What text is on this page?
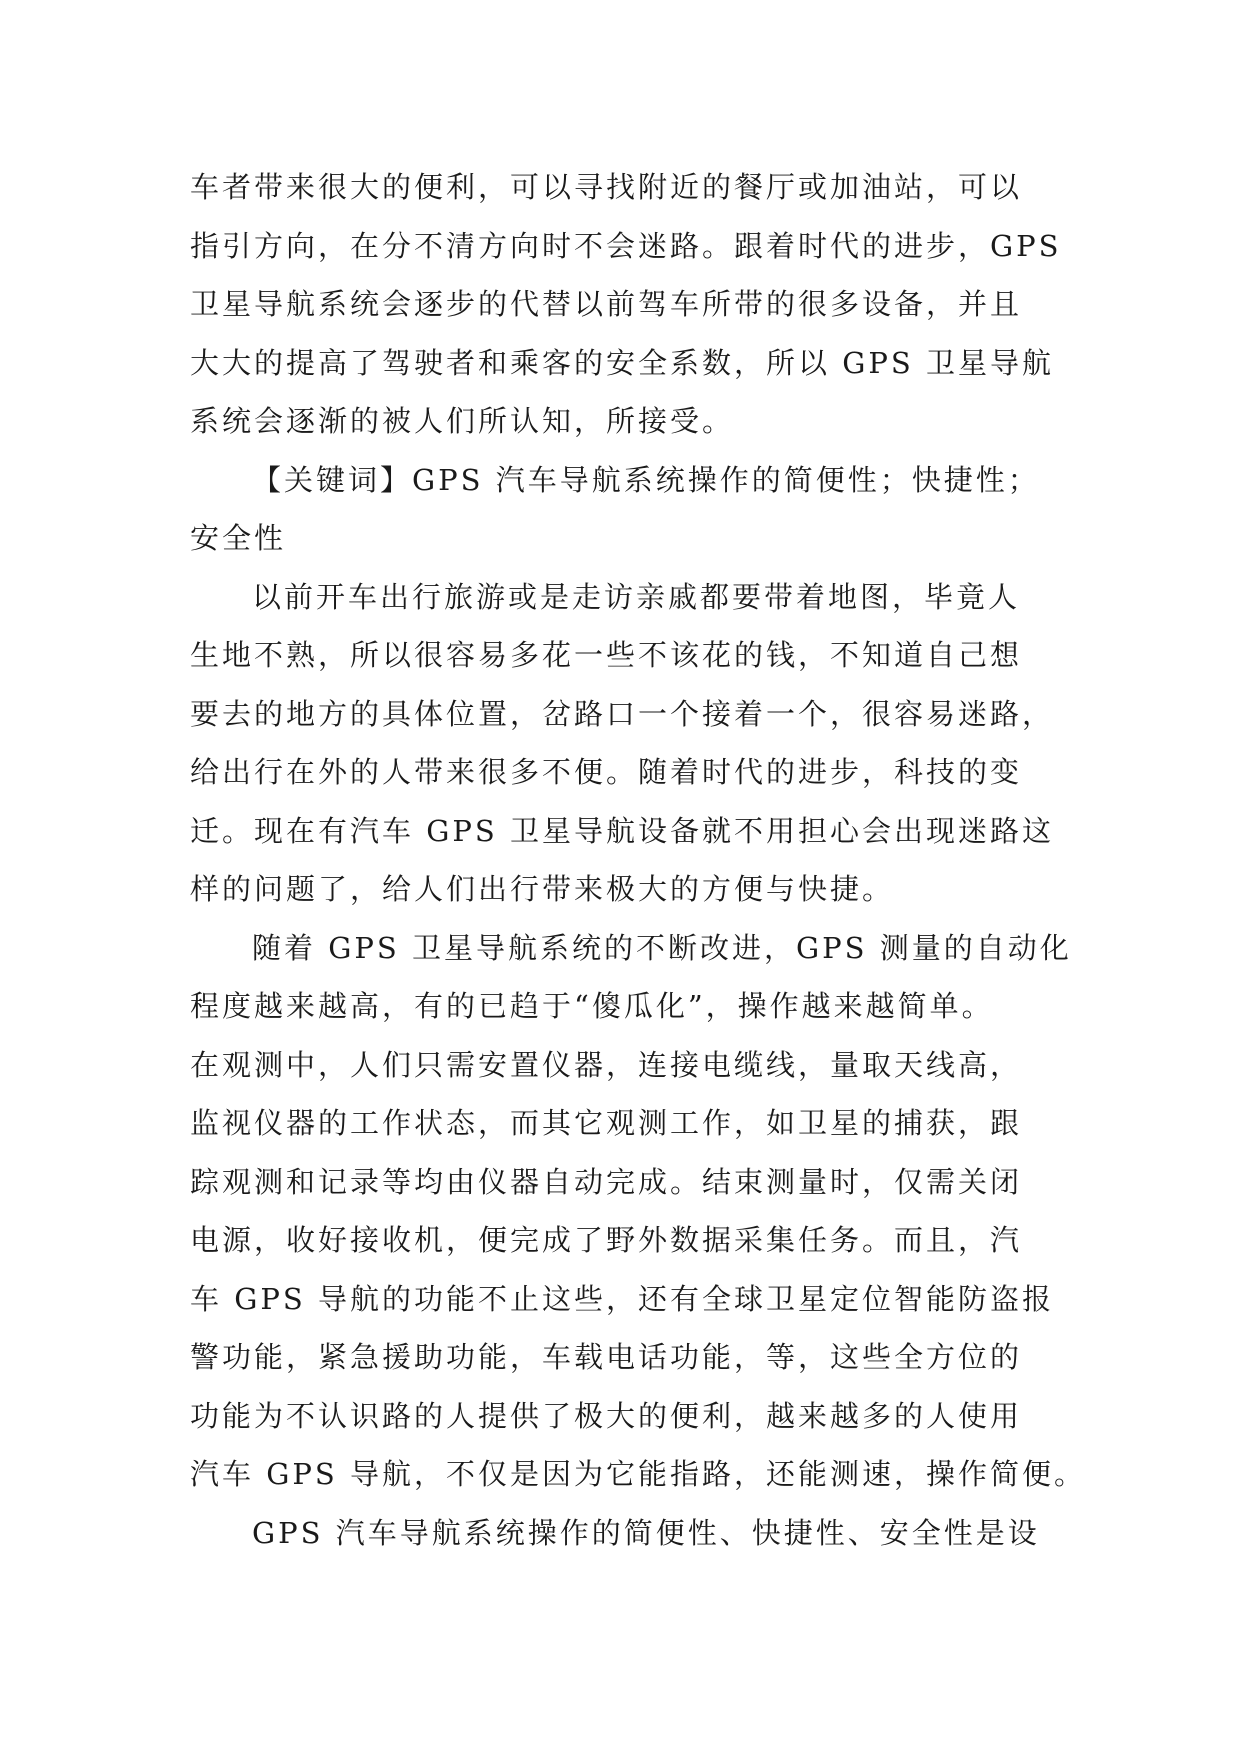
车者带来很大的便利，可以寻找附近的餐厅或加油站，可以
指引方向，在分不清方向时不会迷路。跟着时代的进步，GPS
卫星导航系统会逐步的代替以前驾车所带的很多设备，并且
大大的提高了驾驶者和乘客的安全系数，所以 GPS 卫星导航
系统会逐渐的被人们所认知，所接受。
【关键词】GPS 汽车导航系统操作的简便性；快捷性；
安全性
以前开车出行旅游或是走访亲戚都要带着地图，毕竟人
生地不熟，所以很容易多花一些不该花的钱，不知道自己想
要去的地方的具体位置，岔路口一个接着一个，很容易迷路，
给出行在外的人带来很多不便。随着时代的进步，科技的变
迁。现在有汽车 GPS 卫星导航设备就不用担心会出现迷路这
样的问题了，给人们出行带来极大的方便与快捷。
随着 GPS 卫星导航系统的不断改进，GPS 测量的自动化
程度越来越高，有的已趋于“傻瓜化”，操作越来越简单。
在观测中，人们只需安置仪器，连接电缆线，量取天线高，
监视仪器的工作状态，而其它观测工作，如卫星的捕获，跟
踪观测和记录等均由仪器自动完成。结束测量时，仅需关闭
电源，收好接收机，便完成了野外数据采集任务。而且，汽
车 GPS 导航的功能不止这些，还有全球卫星定位智能防盗报
警功能，紧急援助功能，车载电话功能，等，这些全方位的
功能为不认识路的人提供了极大的便利，越来越多的人使用
汽车 GPS 导航，不仅是因为它能指路，还能测速，操作简便。
GPS 汽车导航系统操作的简便性、快捷性、安全性是设
